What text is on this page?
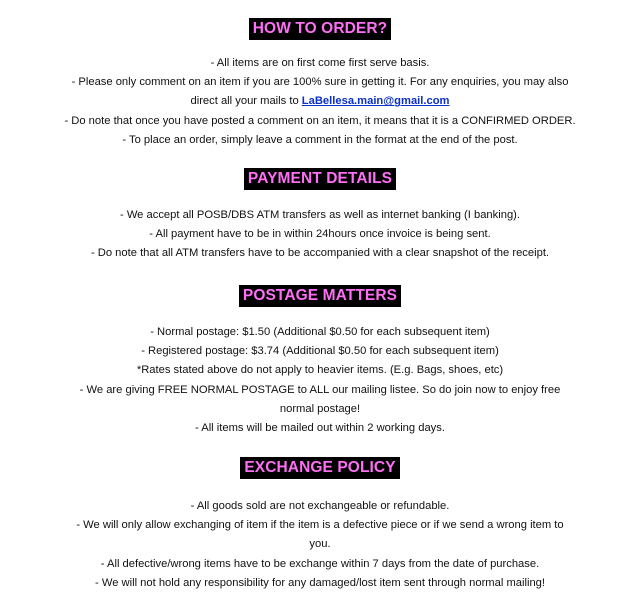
HOW TO ORDER?
- All items are on first come first serve basis.
- Please only comment on an item if you are 100% sure in getting it. For any enquiries, you may also
direct all your mails to LaBellesa.main@gmail.com
- Do note that once you have posted a comment on an item, it means that it is a CONFIRMED ORDER.
- To place an order, simply leave a comment in the format at the end of the post.
PAYMENT DETAILS
- We accept all POSB/DBS ATM transfers as well as internet banking (I banking).
- All payment have to be in within 24hours once invoice is being sent.
- Do note that all ATM transfers have to be accompanied with a clear snapshot of the receipt.
POSTAGE MATTERS
- Normal postage: $1.50 (Additional $0.50 for each subsequent item)
- Registered postage: $3.74 (Additional $0.50 for each subsequent item)
*Rates stated above do not apply to heavier items. (E.g. Bags, shoes, etc)
- We are giving FREE NORMAL POSTAGE to ALL our mailing listee. So do join now to enjoy free
normal postage!
- All items will be mailed out within 2 working days.
EXCHANGE POLICY
- All goods sold are not exchangeable or refundable.
- We will only allow exchanging of item if the item is a defective piece or if we send a wrong item to
you.
- All defective/wrong items have to be exchange within 7 days from the date of purchase.
- We will not hold any responsibility for any damaged/lost item sent through normal mailing!
